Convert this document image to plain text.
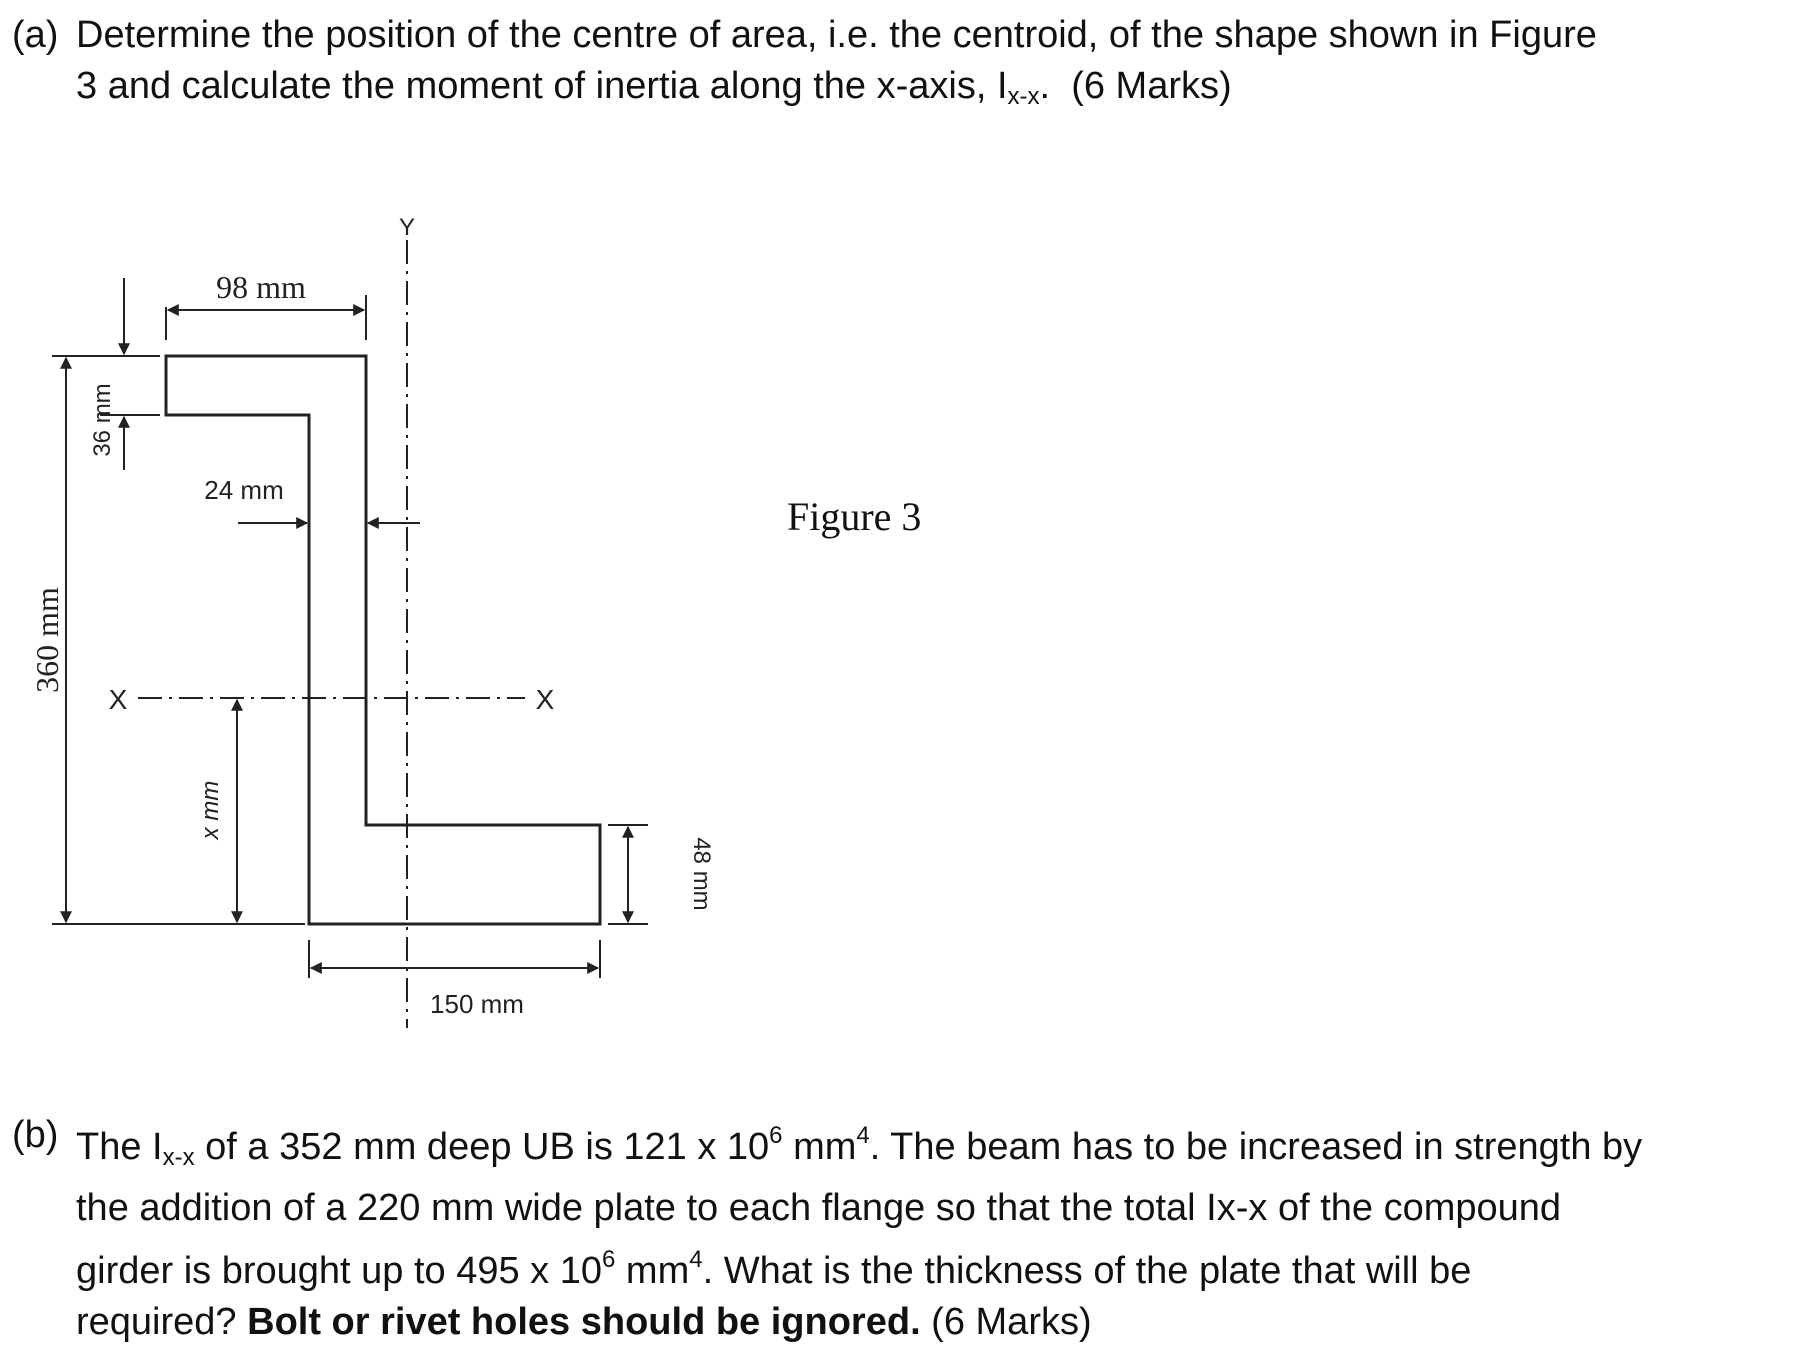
(a) Determine the position of the centre of area, i.e. the centroid, of the shape shown in Figure
3 and calculate the moment of inertia along the x-axis, $I_{x-x}$.  (6 Marks)
Y
X	X
98 mm
36 mm
24 mm
360 mm
x mm
48 mm
150 mm
Figure 3
(b) The $I_{x-x}$ of a 352 mm deep UB is 121 x $10^6$ $mm^4$. The beam has to be increased in strength by
the addition of a 220 mm wide plate to each flange so that the total Ix-x of the compound
girder is brought up to 495 x $10^6$ $mm^4$. What is the thickness of the plate that will be
required? Bolt or rivet holes should be ignored. (6 Marks)
